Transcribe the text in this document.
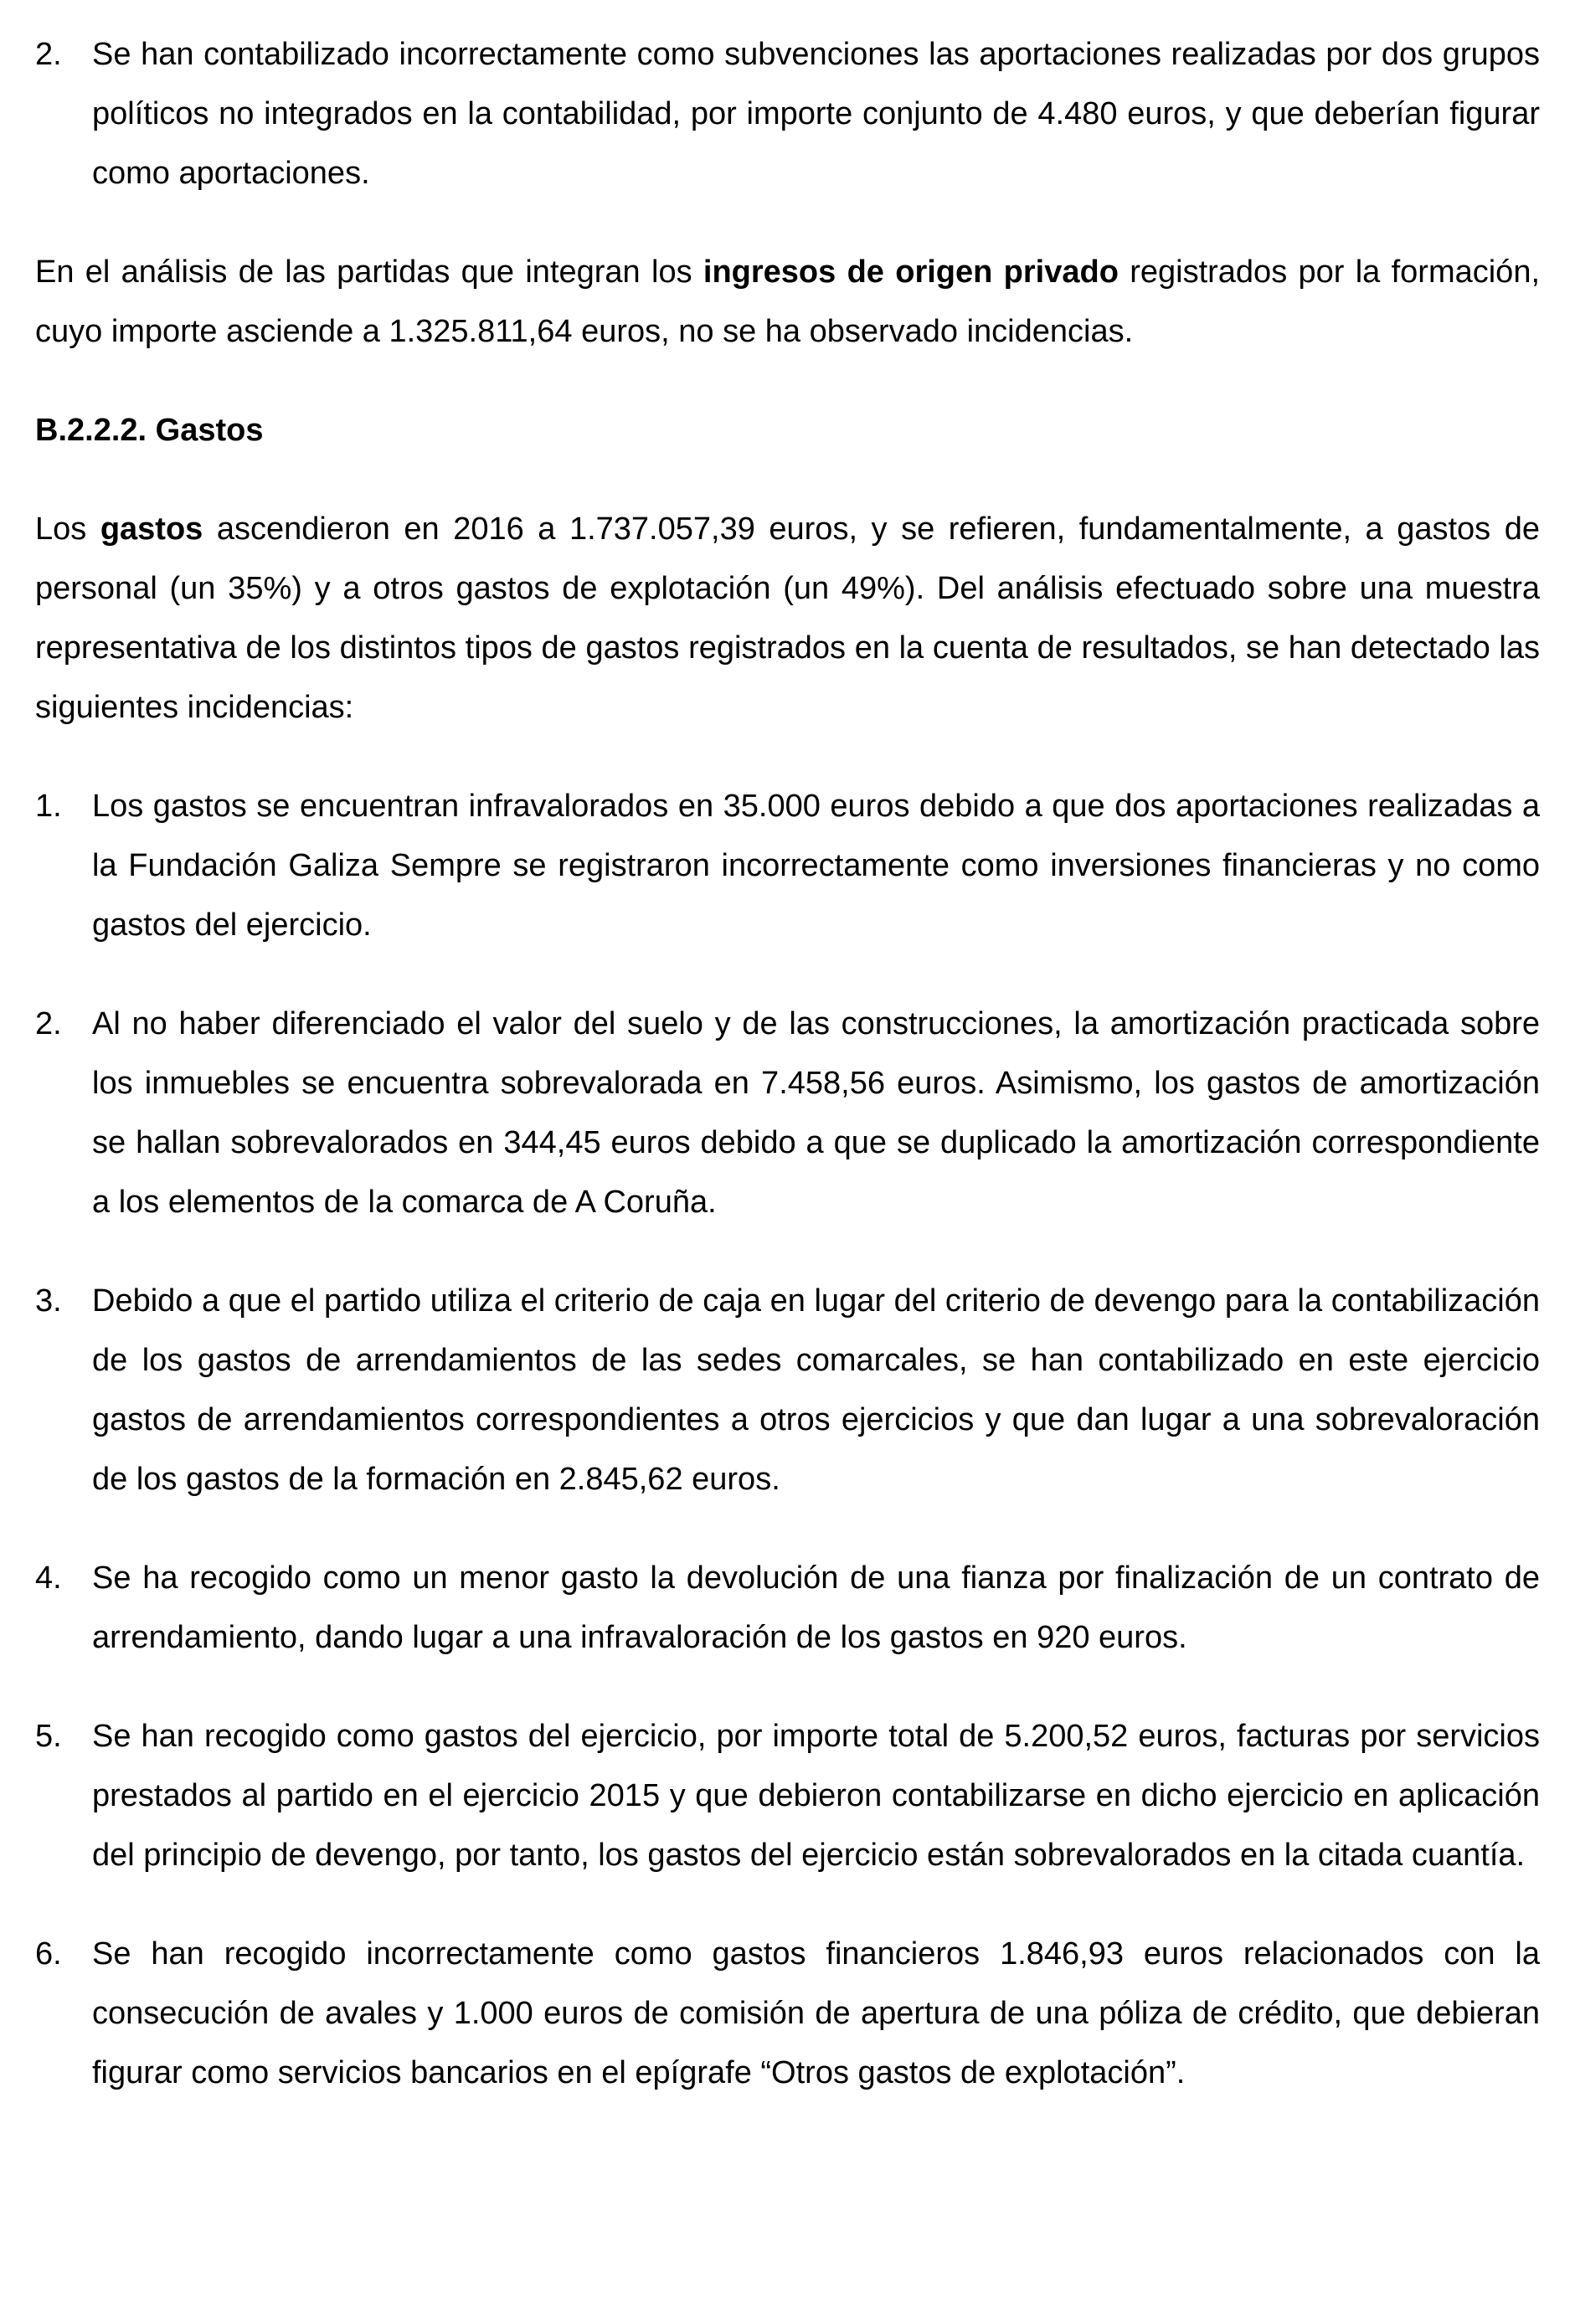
2. Se han contabilizado incorrectamente como subvenciones las aportaciones realizadas por dos grupos políticos no integrados en la contabilidad, por importe conjunto de 4.480 euros, y que deberían figurar como aportaciones.

En el análisis de las partidas que integran los ingresos de origen privado registrados por la formación, cuyo importe asciende a 1.325.811,64 euros, no se ha observado incidencias.

B.2.2.2. Gastos

Los gastos ascendieron en 2016 a 1.737.057,39 euros, y se refieren, fundamentalmente, a gastos de personal (un 35%) y a otros gastos de explotación (un 49%). Del análisis efectuado sobre una muestra representativa de los distintos tipos de gastos registrados en la cuenta de resultados, se han detectado las siguientes incidencias:

1. Los gastos se encuentran infravalorados en 35.000 euros debido a que dos aportaciones realizadas a la Fundación Galiza Sempre se registraron incorrectamente como inversiones financieras y no como gastos del ejercicio.
2. Al no haber diferenciado el valor del suelo y de las construcciones, la amortización practicada sobre los inmuebles se encuentra sobrevalorada en 7.458,56 euros. Asimismo, los gastos de amortización se hallan sobrevalorados en 344,45 euros debido a que se duplicado la amortización correspondiente a los elementos de la comarca de A Coruña.
3. Debido a que el partido utiliza el criterio de caja en lugar del criterio de devengo para la contabilización de los gastos de arrendamientos de las sedes comarcales, se han contabilizado en este ejercicio gastos de arrendamientos correspondientes a otros ejercicios y que dan lugar a una sobrevaloración de los gastos de la formación en 2.845,62 euros.
4. Se ha recogido como un menor gasto la devolución de una fianza por finalización de un contrato de arrendamiento, dando lugar a una infravaloración de los gastos en 920 euros.
5. Se han recogido como gastos del ejercicio, por importe total de 5.200,52 euros, facturas por servicios prestados al partido en el ejercicio 2015 y que debieron contabilizarse en dicho ejercicio en aplicación del principio de devengo, por tanto, los gastos del ejercicio están sobrevalorados en la citada cuantía.
6. Se han recogido incorrectamente como gastos financieros 1.846,93 euros relacionados con la consecución de avales y 1.000 euros de comisión de apertura de una póliza de crédito, que debieran figurar como servicios bancarios en el epígrafe “Otros gastos de explotación”.
